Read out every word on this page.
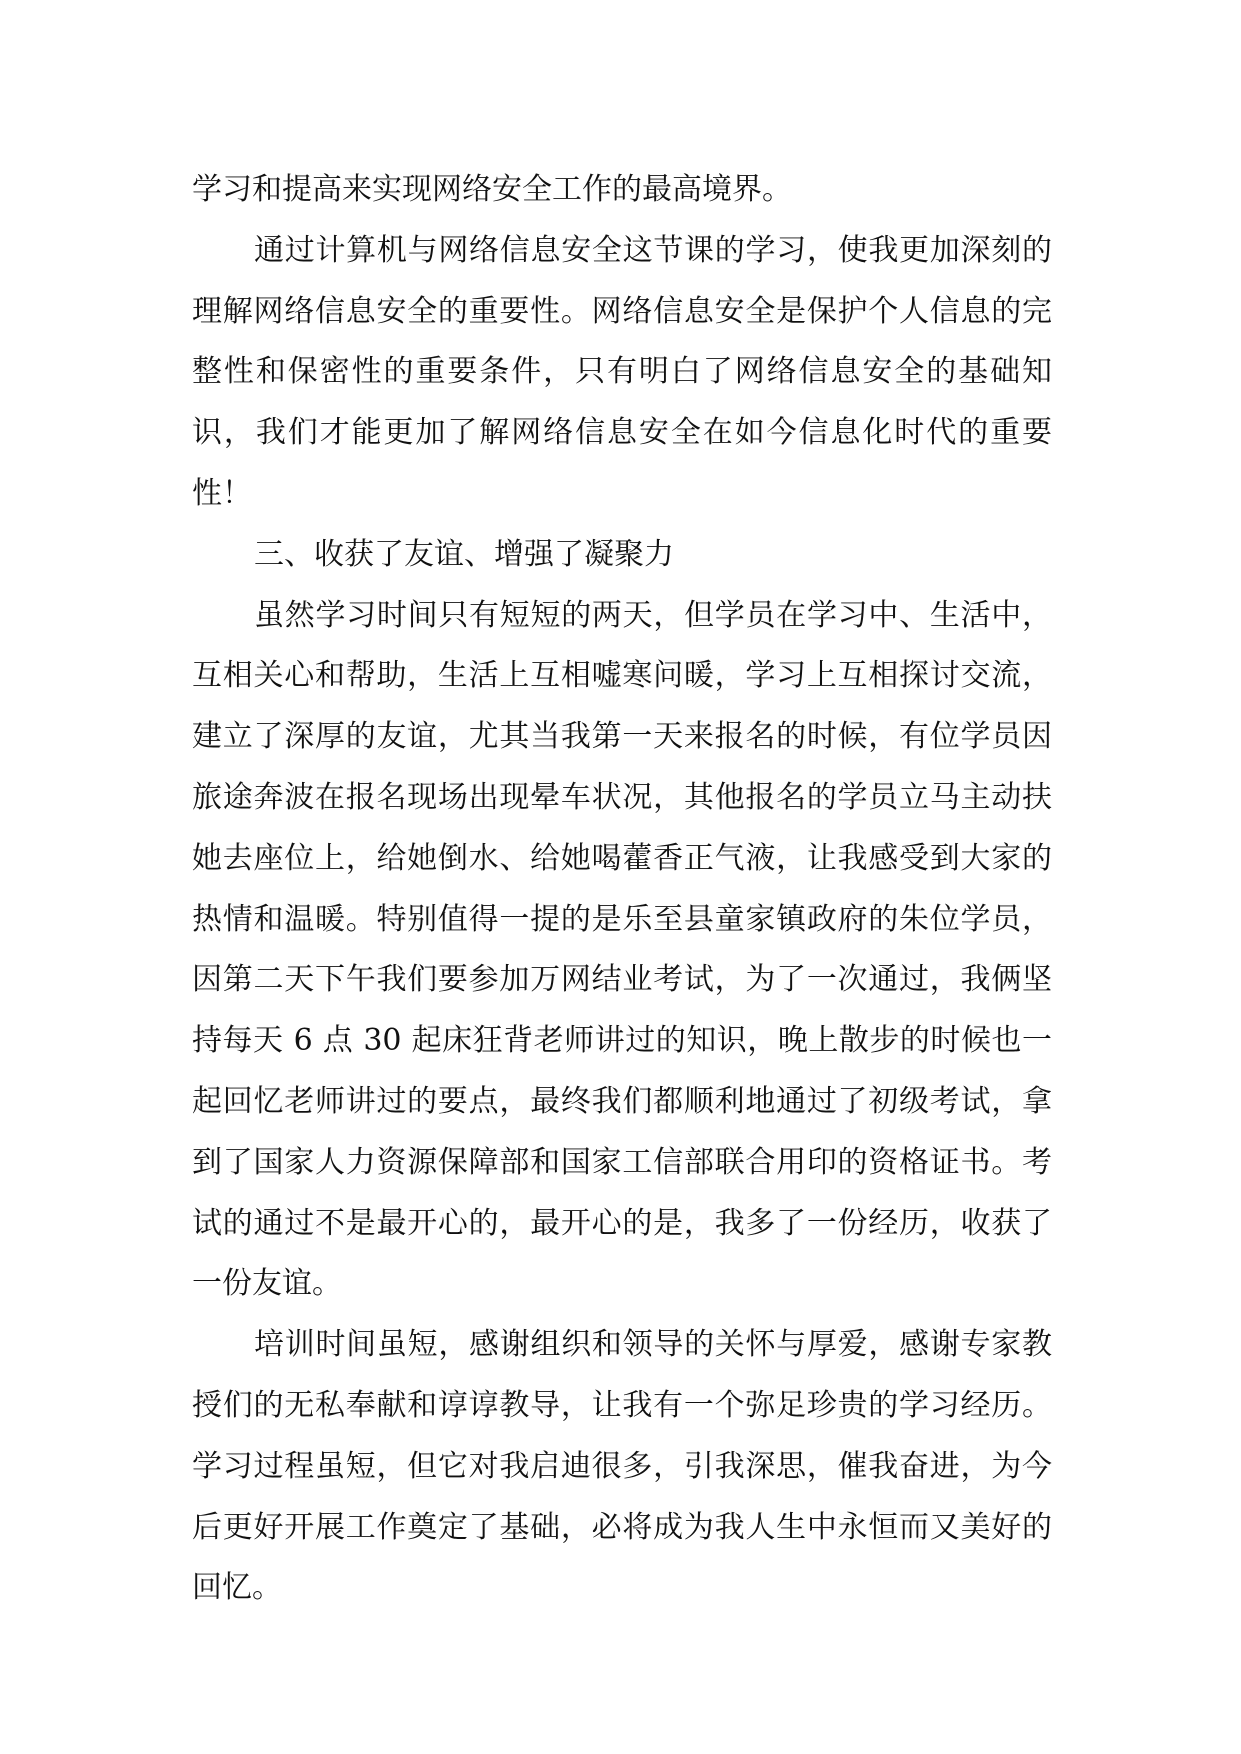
学习和提高来实现网络安全工作的最高境界。

通过计算机与网络信息安全这节课的学习，使我更加深刻的理解网络信息安全的重要性。网络信息安全是保护个人信息的完整性和保密性的重要条件，只有明白了网络信息安全的基础知识，我们才能更加了解网络信息安全在如今信息化时代的重要性！

三、收获了友谊、增强了凝聚力

虽然学习时间只有短短的两天，但学员在学习中、生活中，互相关心和帮助，生活上互相嘘寒问暖，学习上互相探讨交流，建立了深厚的友谊，尤其当我第一天来报名的时候，有位学员因旅途奔波在报名现场出现晕车状况，其他报名的学员立马主动扶她去座位上，给她倒水、给她喝藿香正气液，让我感受到大家的热情和温暖。特别值得一提的是乐至县童家镇政府的朱位学员，因第二天下午我们要参加万网结业考试，为了一次通过，我俩坚持每天 6 点 30 起床狂背老师讲过的知识，晚上散步的时候也一起回忆老师讲过的要点，最终我们都顺利地通过了初级考试，拿到了国家人力资源保障部和国家工信部联合用印的资格证书。考试的通过不是最开心的，最开心的是，我多了一份经历，收获了一份友谊。

培训时间虽短，感谢组织和领导的关怀与厚爱，感谢专家教授们的无私奉献和谆谆教导，让我有一个弥足珍贵的学习经历。学习过程虽短，但它对我启迪很多，引我深思，催我奋进，为今后更好开展工作奠定了基础，必将成为我人生中永恒而又美好的回忆。
